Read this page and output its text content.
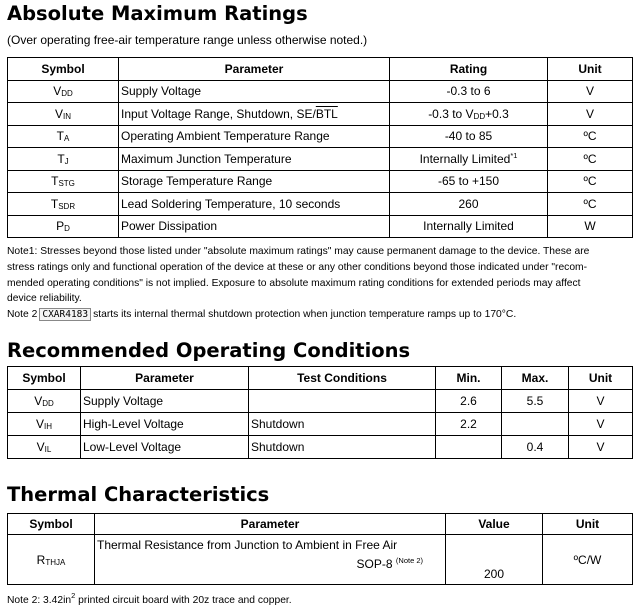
Absolute Maximum Ratings
(Over operating free-air temperature range unless otherwise noted.)
Symbol	Parameter	Rating	Unit
VDD	Supply Voltage	-0.3 to 6	V
VIN	Input Voltage Range, Shutdown, $SE/\overline{BTL}$	-0.3 to VDD+0.3	V
TA	Operating Ambient Temperature Range	-40 to 85	ºC
TJ	Maximum Junction Temperature	Internally Limited$^{*1}$	ºC
TSTG	Storage Temperature Range	-65 to +150	ºC
TSDR	Lead Soldering Temperature, 10 seconds	260	ºC
PD	Power Dissipation	Internally Limited	W
Note1: Stresses beyond those listed under "absolute maximum ratings" may cause permanent damage to the device. These are
stress ratings only and functional operation of the device at these or any other conditions beyond those indicated under "recom-
mended operating conditions" is not implied. Exposure to absolute maximum rating conditions for extended periods may affect
device reliability.
Note 2 CXAR4183 starts its internal thermal shutdown protection when junction temperature ramps up to 170°C.
Recommended Operating Conditions
Symbol	Parameter	Test Conditions	Min.	Max.	Unit
VDD	Supply Voltage		2.6	5.5	V
VIH	High-Level Voltage	Shutdown	2.2		V
VIL	Low-Level Voltage	Shutdown		0.4	V
Thermal Characteristics
Symbol	Parameter	Value	Unit
RTHJA	Thermal Resistance from Junction to Ambient in Free Air
SOP-8 $^{(Note 2)}$	200	ºC/W
Note 2: $3.42in^2$ printed circuit board with 20z trace and copper.
